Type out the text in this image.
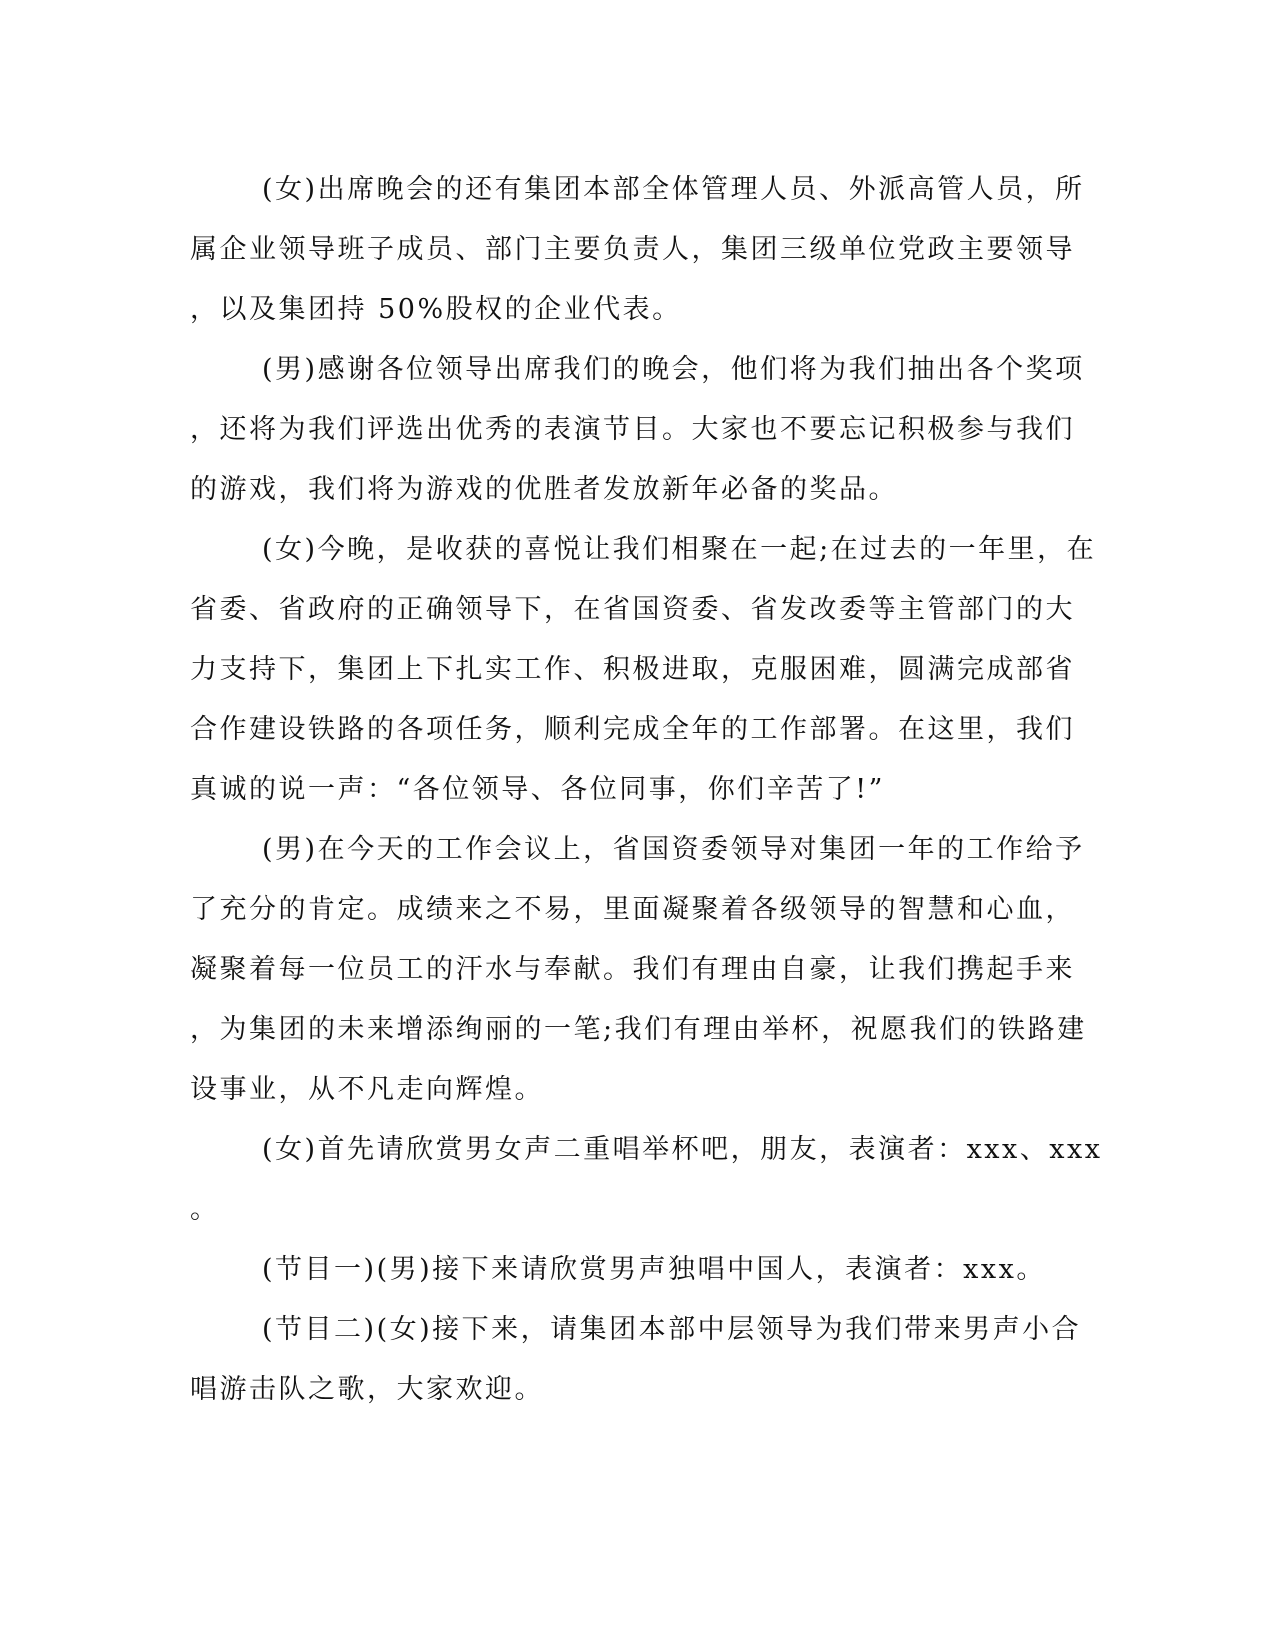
(女)出席晚会的还有集团本部全体管理人员、外派高管人员，所
属企业领导班子成员、部门主要负责人，集团三级单位党政主要领导
，以及集团持 50%股权的企业代表。
(男)感谢各位领导出席我们的晚会，他们将为我们抽出各个奖项
，还将为我们评选出优秀的表演节目。大家也不要忘记积极参与我们
的游戏，我们将为游戏的优胜者发放新年必备的奖品。
(女)今晚，是收获的喜悦让我们相聚在一起;在过去的一年里，在
省委、省政府的正确领导下，在省国资委、省发改委等主管部门的大
力支持下，集团上下扎实工作、积极进取，克服困难，圆满完成部省
合作建设铁路的各项任务，顺利完成全年的工作部署。在这里，我们
真诚的说一声：“各位领导、各位同事，你们辛苦了!”
(男)在今天的工作会议上，省国资委领导对集团一年的工作给予
了充分的肯定。成绩来之不易，里面凝聚着各级领导的智慧和心血，
凝聚着每一位员工的汗水与奉献。我们有理由自豪，让我们携起手来
，为集团的未来增添绚丽的一笔;我们有理由举杯，祝愿我们的铁路建
设事业，从不凡走向辉煌。
(女)首先请欣赏男女声二重唱举杯吧，朋友，表演者：xxx、xxx
。
(节目一)(男)接下来请欣赏男声独唱中国人，表演者：xxx。
(节目二)(女)接下来，请集团本部中层领导为我们带来男声小合
唱游击队之歌，大家欢迎。
